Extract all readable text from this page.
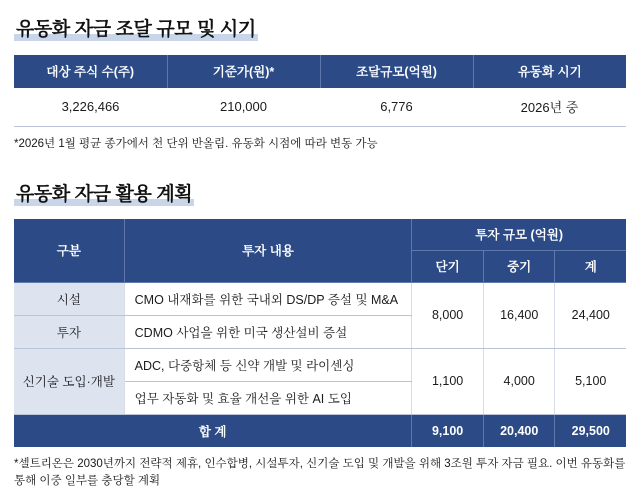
유동화 자금 조달 규모 및 시기
대상 주식 수(주)	기준가(원)*	조달규모(억원)	유동화 시기
3,226,466	210,000	6,776	2026년 중
*2026년 1월 평균 종가에서 천 단위 반올림. 유동화 시점에 따라 변동 가능
유동화 자금 활용 계획
구분	투자 내용	투자 규모 (억원)		
		단기	중기	계
시설	CMO 내재화를 위한 국내외 DS/DP 증설 및 M&A	8,000	16,400	24,400
투자	CDMO 사업을 위한 미국 생산설비 증설			
신기술 도입·개발	ADC, 다중항체 등 신약 개발 및 라이센싱	1,100	4,000	5,100
	업무 자동화 및 효율 개선을 위한 AI 도입			
합 계		9,100	20,400	29,500
*셀트리온은 2030년까지 전략적 제휴, 인수합병, 시설투자, 신기술 도입 및 개발을 위해 3조원 투자 자금 필요. 이번 유동화를 통해 이중 일부를 충당할 계획
